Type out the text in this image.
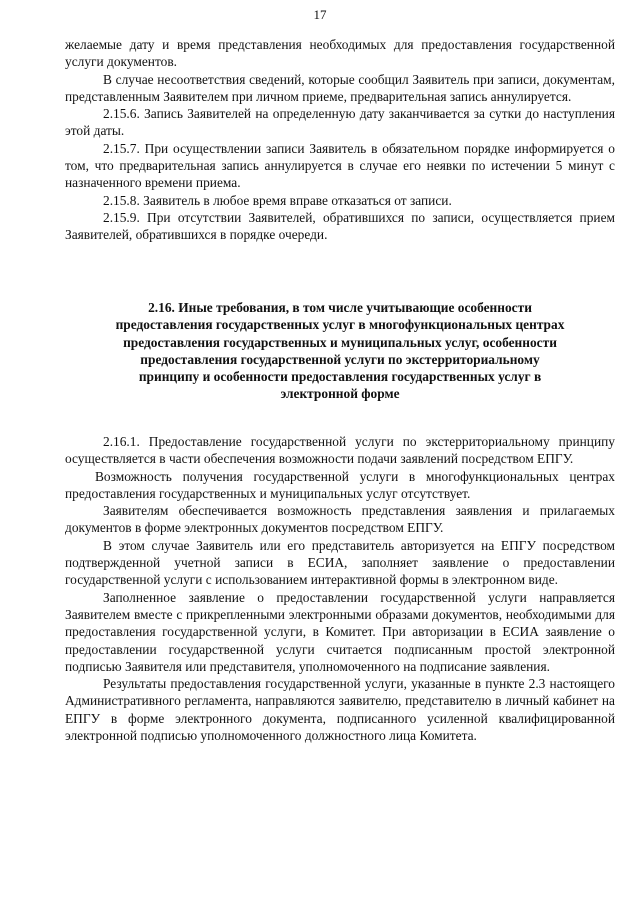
17

желаемые дату и время представления необходимых для предоставления государственной услуги документов.

В случае несоответствия сведений, которые сообщил Заявитель при записи, документам, представленным Заявителем при личном приеме, предварительная запись аннулируется.

2.15.6. Запись Заявителей на определенную дату заканчивается за сутки до наступления этой даты.

2.15.7. При осуществлении записи Заявитель в обязательном порядке информируется о том, что предварительная запись аннулируется в случае его неявки по истечении 5 минут с назначенного времени приема.

2.15.8. Заявитель в любое время вправе отказаться от записи.

2.15.9. При отсутствии Заявителей, обратившихся по записи, осуществляется прием Заявителей, обратившихся в порядке очереди.

2.16. Иные требования, в том числе учитывающие особенности
предоставления государственных услуг в многофункциональных центрах
предоставления государственных и муниципальных услуг, особенности
предоставления государственной услуги по экстерриториальному
принципу и особенности предоставления государственных услуг в
электронной форме

2.16.1. Предоставление государственной услуги по экстерриториальному принципу осуществляется в части обеспечения возможности подачи заявлений посредством ЕПГУ.

Возможность получения государственной услуги в многофункциональных центрах предоставления государственных и муниципальных услуг отсутствует.

Заявителям обеспечивается возможность представления заявления и прилагаемых документов в форме электронных документов посредством ЕПГУ.

В этом случае Заявитель или его представитель авторизуется на ЕПГУ посредством подтвержденной учетной записи в ЕСИА, заполняет заявление о предоставлении государственной услуги с использованием интерактивной формы в электронном виде.

Заполненное заявление о предоставлении государственной услуги направляется Заявителем вместе с прикрепленными электронными образами документов, необходимыми для предоставления государственной услуги, в Комитет. При авторизации в ЕСИА заявление о предоставлении государственной услуги считается подписанным простой электронной подписью Заявителя или представителя, уполномоченного на подписание заявления.

Результаты предоставления государственной услуги, указанные в пункте 2.3 настоящего Административного регламента, направляются заявителю, представителю в личный кабинет на ЕПГУ в форме электронного документа, подписанного усиленной квалифицированной электронной подписью уполномоченного должностного лица Комитета.
